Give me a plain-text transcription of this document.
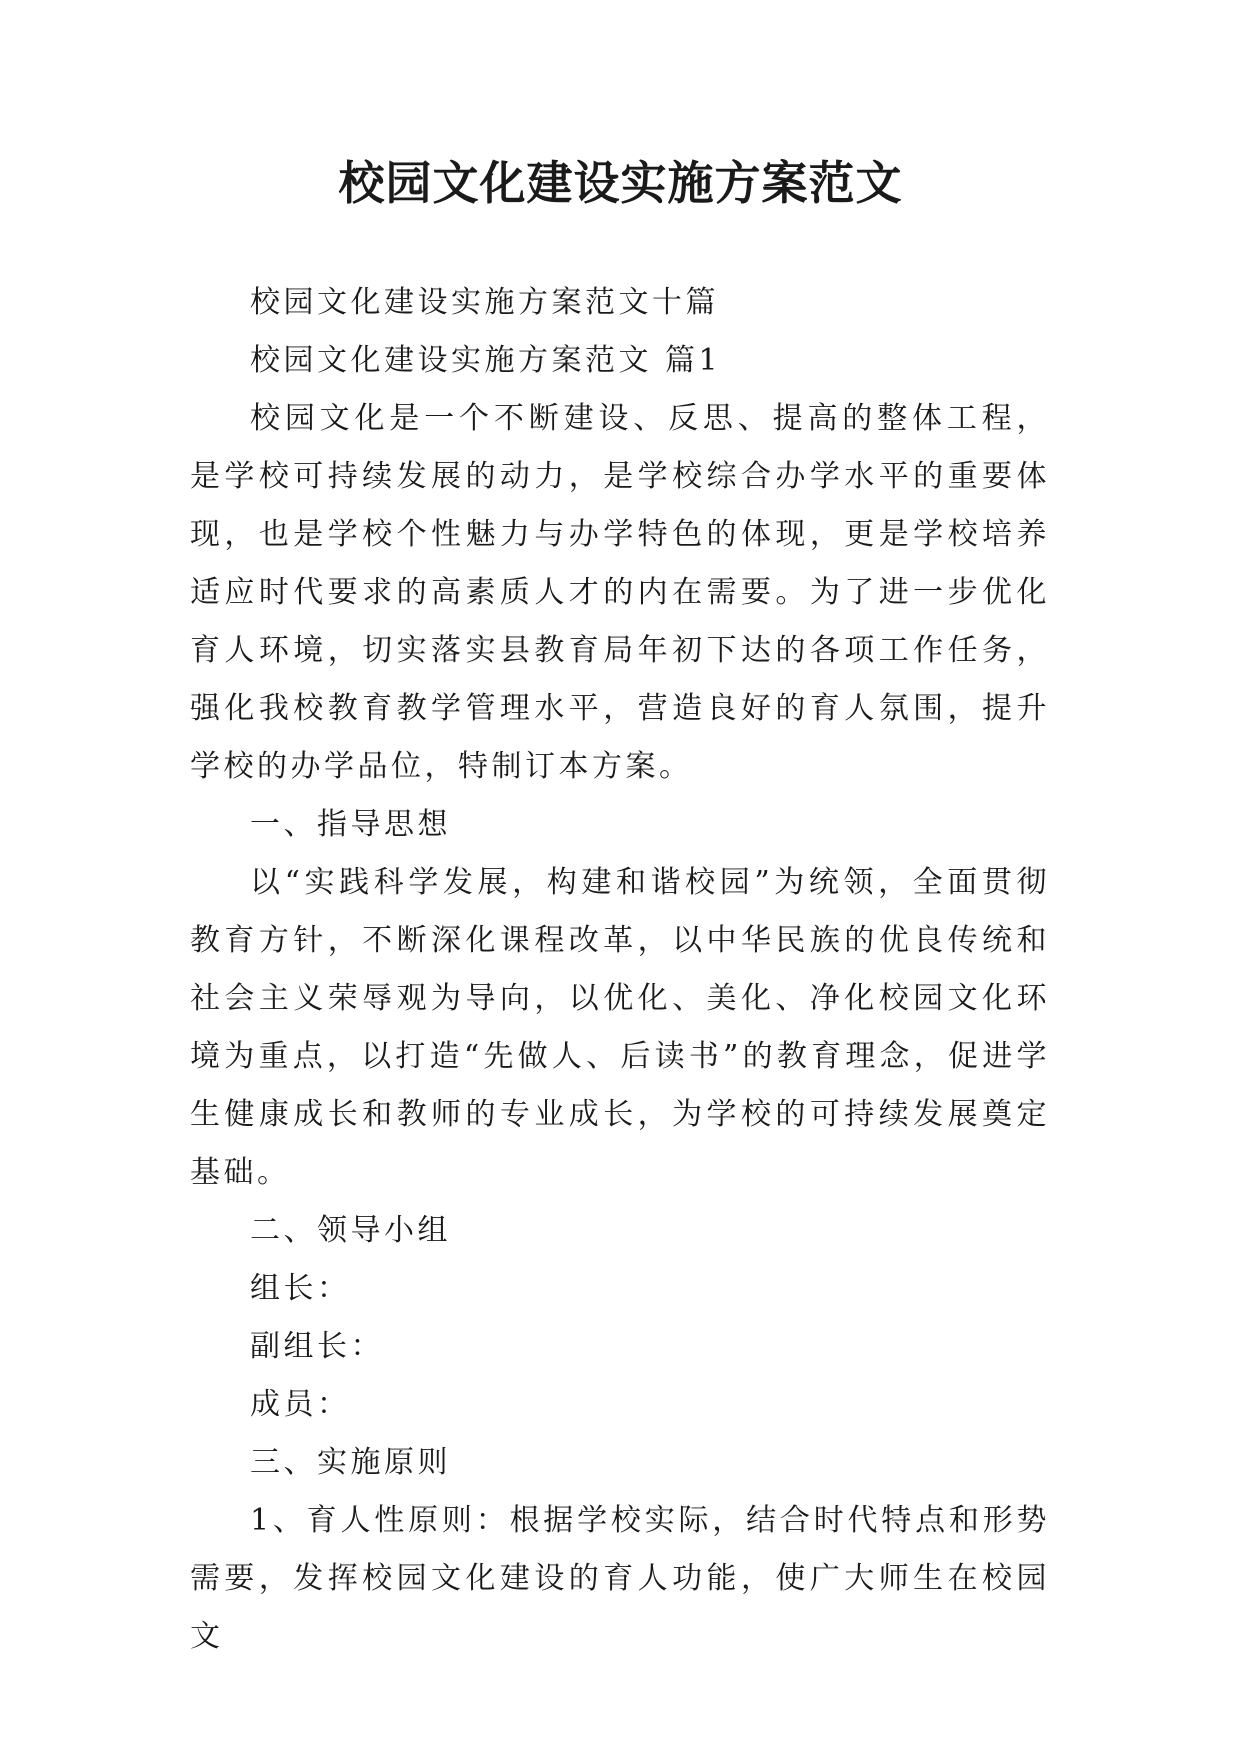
校园文化建设实施方案范文

校园文化建设实施方案范文十篇

校园文化建设实施方案范文 篇1

校园文化是一个不断建设、反思、提高的整体工程，是学校可持续发展的动力，是学校综合办学水平的重要体现，也是学校个性魅力与办学特色的体现，更是学校培养适应时代要求的高素质人才的内在需要。为了进一步优化育人环境，切实落实县教育局年初下达的各项工作任务，强化我校教育教学管理水平，营造良好的育人氛围，提升学校的办学品位，特制订本方案。

一、指导思想

以“实践科学发展，构建和谐校园”为统领，全面贯彻教育方针，不断深化课程改革，以中华民族的优良传统和社会主义荣辱观为导向，以优化、美化、净化校园文化环境为重点，以打造“先做人、后读书”的教育理念，促进学生健康成长和教师的专业成长，为学校的可持续发展奠定基础。

二、领导小组

组长：

副组长：

成员：

三、实施原则

1、育人性原则：根据学校实际，结合时代特点和形势需要，发挥校园文化建设的育人功能，使广大师生在校园文
